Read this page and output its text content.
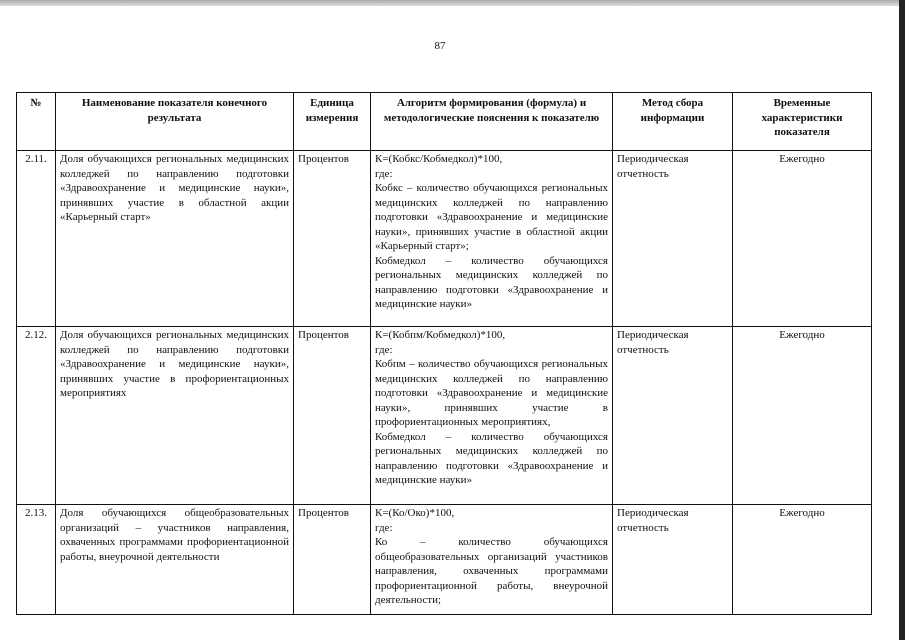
87
№	Наименование показателя конечного результата	Единица измерения	Алгоритм формирования (формула) и методологические пояснения к показателю	Метод сбора информации	Временные характеристики показателя
2.11.	Доля обучающихся региональных медицинских колледжей по направлению подготовки «Здравоохранение и медицинские науки», принявших участие в областной акции «Карьерный старт»	Процентов	К=(Кобкс/Кобмедкол)*100,
где:
Кобкс – количество обучающихся региональных медицинских колледжей по направлению подготовки «Здравоохранение и медицинские науки», принявших участие в областной акции «Карьерный старт»;
Кобмедкол – количество обучающихся региональных медицинских колледжей по направлению подготовки «Здравоохранение и медицинские науки»	Периодическая отчетность	Ежегодно
2.12.	Доля обучающихся региональных медицинских колледжей по направлению подготовки «Здравоохранение и медицинские науки», принявших участие в профориентационных мероприятиях	Процентов	К=(Кобпм/Кобмедкол)*100,
где:
Кобпм – количество обучающихся региональных медицинских колледжей по направлению подготовки «Здравоохранение и медицинские науки», принявших участие в профориентационных мероприятиях,
Кобмедкол – количество обучающихся региональных медицинских колледжей по направлению подготовки «Здравоохранение и медицинские науки»	Периодическая отчетность	Ежегодно
2.13.	Доля обучающихся общеобразовательных организаций – участников направления, охваченных программами профориентационной работы, внеурочной деятельности	Процентов	К=(Ко/Око)*100,
где:
Ко – количество обучающихся общеобразовательных организаций участников направления, охваченных программами профориентационной работы, внеурочной деятельности;	Периодическая отчетность	Ежегодно
